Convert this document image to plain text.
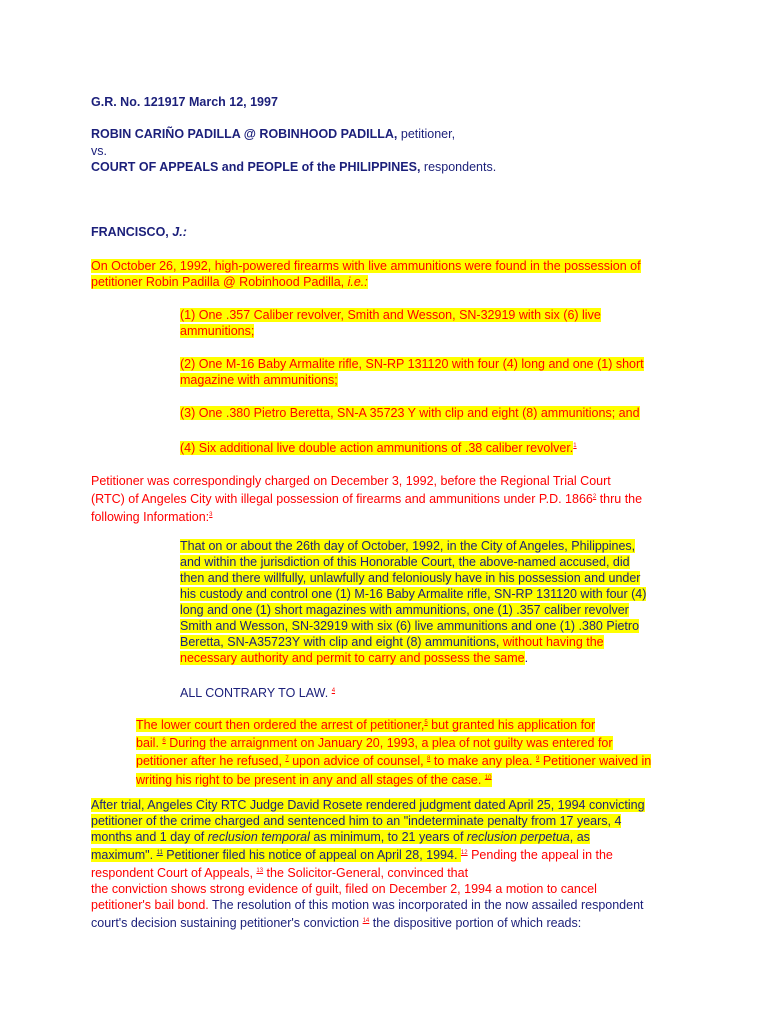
G.R. No. 121917 March 12, 1997
ROBIN CARIÑO PADILLA @ ROBINHOOD PADILLA, petitioner,
vs.
COURT OF APPEALS and PEOPLE of the PHILIPPINES, respondents.
FRANCISCO, J.:
On October 26, 1992, high-powered firearms with live ammunitions were found in the possession of
petitioner Robin Padilla @ Robinhood Padilla, i.e.:
(1) One .357 Caliber revolver, Smith and Wesson, SN-32919 with six (6) live
ammunitions;
(2) One M-16 Baby Armalite rifle, SN-RP 131120 with four (4) long and one (1) short
magazine with ammunitions;
(3) One .380 Pietro Beretta, SN-A 35723 Y with clip and eight (8) ammunitions; and
(4) Six additional live double action ammunitions of .38 caliber revolver.$^1$
Petitioner was correspondingly charged on December 3, 1992, before the Regional Trial Court
(RTC) of Angeles City with illegal possession of firearms and ammunitions under P.D. 1866$^2$ thru the
following Information:$^3$
That on or about the 26th day of October, 1992, in the City of Angeles, Philippines,
and within the jurisdiction of this Honorable Court, the above-named accused, did
then and there willfully, unlawfully and feloniously have in his possession and under
his custody and control one (1) M-16 Baby Armalite rifle, SN-RP 131120 with four (4)
long and one (1) short magazines with ammunitions, one (1) .357 caliber revolver
Smith and Wesson, SN-32919 with six (6) live ammunitions and one (1) .380 Pietro
Beretta, SN-A35723Y with clip and eight (8) ammunitions, without having the
necessary authority and permit to carry and possess the same.
ALL CONTRARY TO LAW. $^4$
The lower court then ordered the arrest of petitioner,$^5$ but granted his application for
bail. $^6$ During the arraignment on January 20, 1993, a plea of not guilty was entered for
petitioner after he refused, $^7$ upon advice of counsel, $^8$ to make any plea. $^9$ Petitioner waived in
writing his right to be present in any and all stages of the case. $^{10}$
After trial, Angeles City RTC Judge David Rosete rendered judgment dated April 25, 1994 convicting
petitioner of the crime charged and sentenced him to an "indeterminate penalty from 17 years, 4
months and 1 day of reclusion temporal as minimum, to 21 years of reclusion perpetua, as
maximum". $^{11}$ Petitioner filed his notice of appeal on April 28, 1994. $^{12}$ Pending the appeal in the
respondent Court of Appeals, $^{13}$ the Solicitor-General, convinced that
the conviction shows strong evidence of guilt, filed on December 2, 1994 a motion to cancel
petitioner's bail bond. The resolution of this motion was incorporated in the now assailed respondent
court's decision sustaining petitioner's conviction $^{14}$ the dispositive portion of which reads:
